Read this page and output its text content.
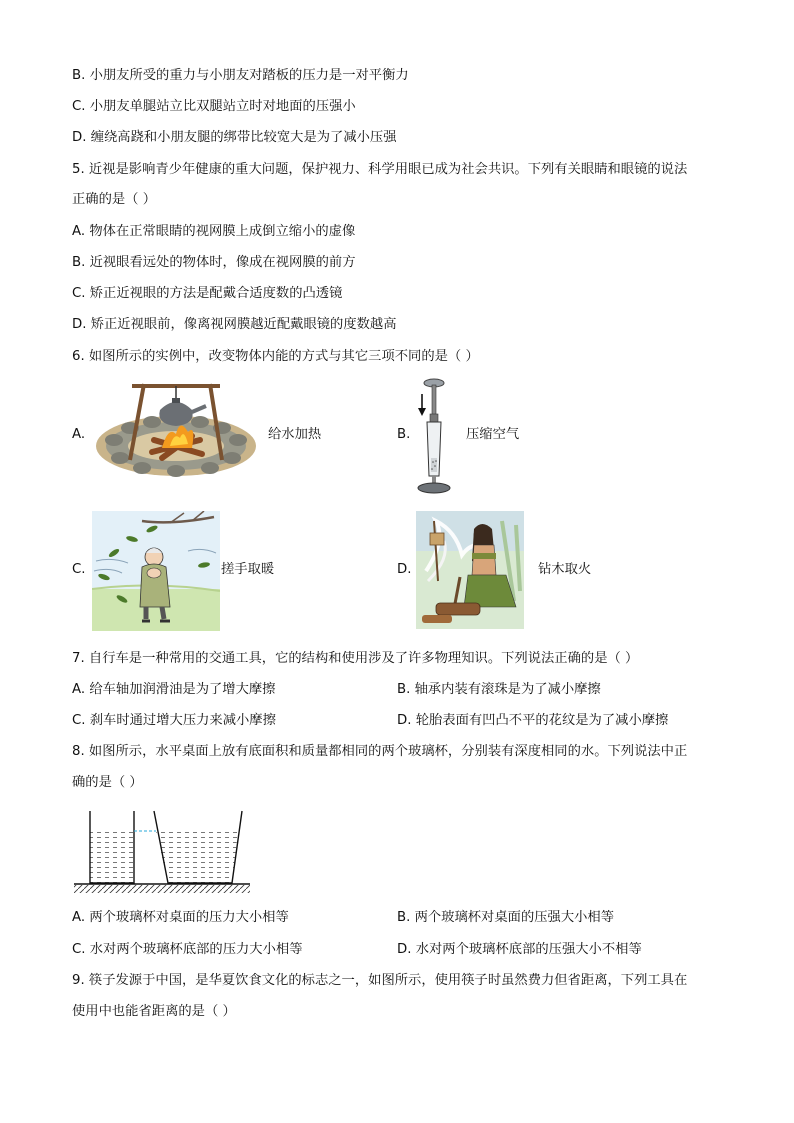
B. 小朋友所受的重力与小朋友对踏板的压力是一对平衡力
C. 小朋友单腿站立比双腿站立时对地面的压强小
D. 缠绕高跷和小朋友腿的绑带比较宽大是为了减小压强
5. 近视是影响青少年健康的重大问题，保护视力、科学用眼已成为社会共识。下列有关眼睛和眼镜的说法
正确的是（ ）
A. 物体在正常眼睛的视网膜上成倒立缩小的虚像
B. 近视眼看远处的物体时，像成在视网膜的前方
C. 矫正近视眼的方法是配戴合适度数的凸透镜
D. 矫正近视眼前，像离视网膜越近配戴眼镜的度数越高
6. 如图所示的实例中，改变物体内能的方式与其它三项不同的是（ ）
A.	给水加热	B.	压缩空气
C.	搓手取暖	D.	钻木取火
7. 自行车是一种常用的交通工具，它的结构和使用涉及了许多物理知识。下列说法正确的是（ ）
A. 给车轴加润滑油是为了增大摩擦	B. 轴承内装有滚珠是为了减小摩擦
C. 刹车时通过增大压力来减小摩擦	D. 轮胎表面有凹凸不平的花纹是为了减小摩擦
8. 如图所示，水平桌面上放有底面积和质量都相同的两个玻璃杯，分别装有深度相同的水。下列说法中正
确的是（ ）
A. 两个玻璃杯对桌面的压力大小相等	B. 两个玻璃杯对桌面的压强大小相等
C. 水对两个玻璃杯底部的压力大小相等	D. 水对两个玻璃杯底部的压强大小不相等
9. 筷子发源于中国，是华夏饮食文化的标志之一，如图所示，使用筷子时虽然费力但省距离，下列工具在
使用中也能省距离的是（ ）
